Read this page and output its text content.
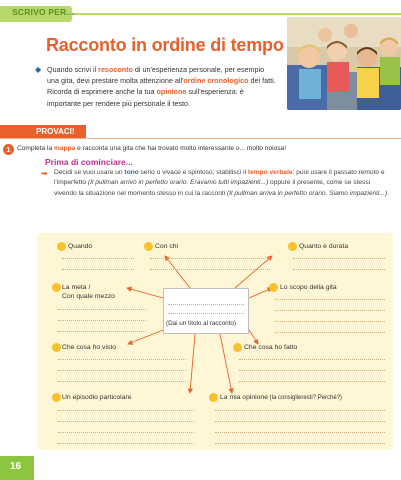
SCRIVO PER...
Racconto in ordine di tempo
◆ Quando scrivi il resoconto di un'esperienza personale, per esempio una gita, devi prestare molta attenzione all'ordine cronologico dei fatti. Ricorda di esprimere anche la tua opinione sull'esperienza: è importante per rendere più personale il testo.
PROVACI!
1 Completa la mappa e racconta una gita che hai trovato molto interessante o... molto noiosa!
Prima di cominciare...
➡ Decidi se vuoi usare un tono serio o vivace e spintoso; stabilisci il tempo verbale: puoi usare il passato remoto e l'imperfetto (Il pullman arrivò in perfetto orario. Eravamo tutti impazienti...) oppure il presente, come se stessi vivendo la situazione nel momento stesso in cui la racconti (Il pullman arriva in perfetto orario. Siamo impazienti...).
(Dai un titolo al racconto)
Quando	Con chi	Quanto è durata
La meta /
Con quale mezzo
Lo scopo della gita
Che cosa ho visto	Che cosa ho fatto
Un episodio particolare	La mia opinione (la consiglieresti? Perché?)
16
